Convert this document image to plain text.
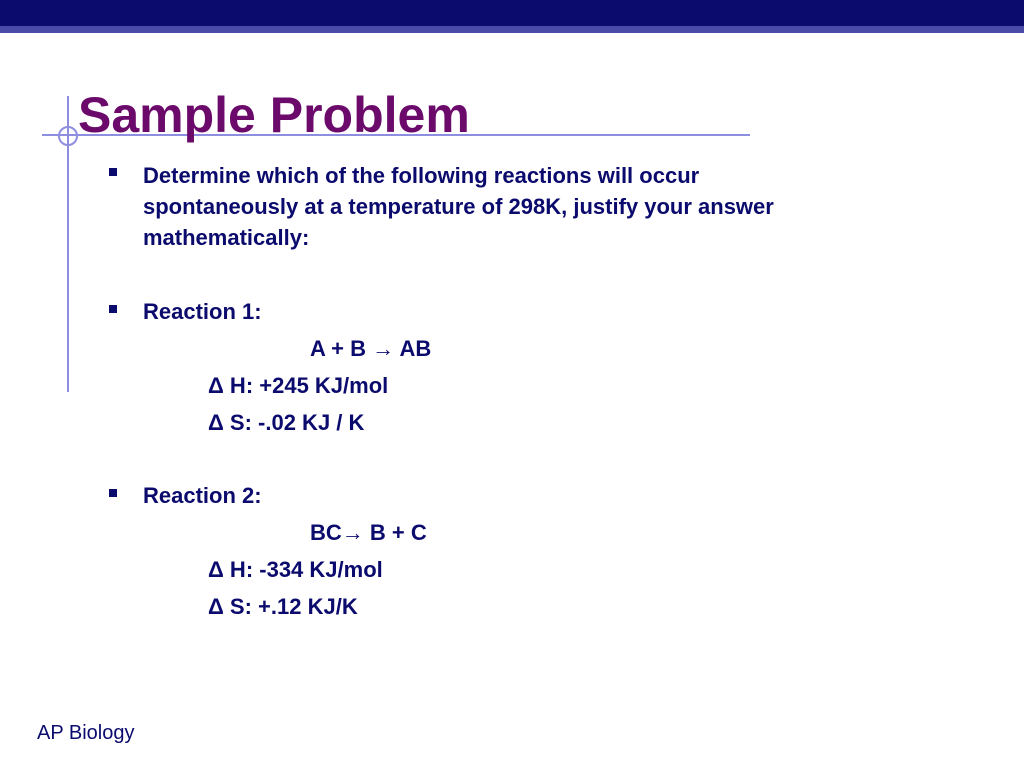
Sample Problem
Determine which of the following reactions will occur
spontaneously at a temperature of 298K, justify your answer
mathematically:
Reaction 1:
A + B → AB
Δ H: +245 KJ/mol
Δ S: -.02 KJ / K
Reaction 2:
BC→ B + C
Δ H: -334 KJ/mol
Δ S: +.12 KJ/K
AP Biology
